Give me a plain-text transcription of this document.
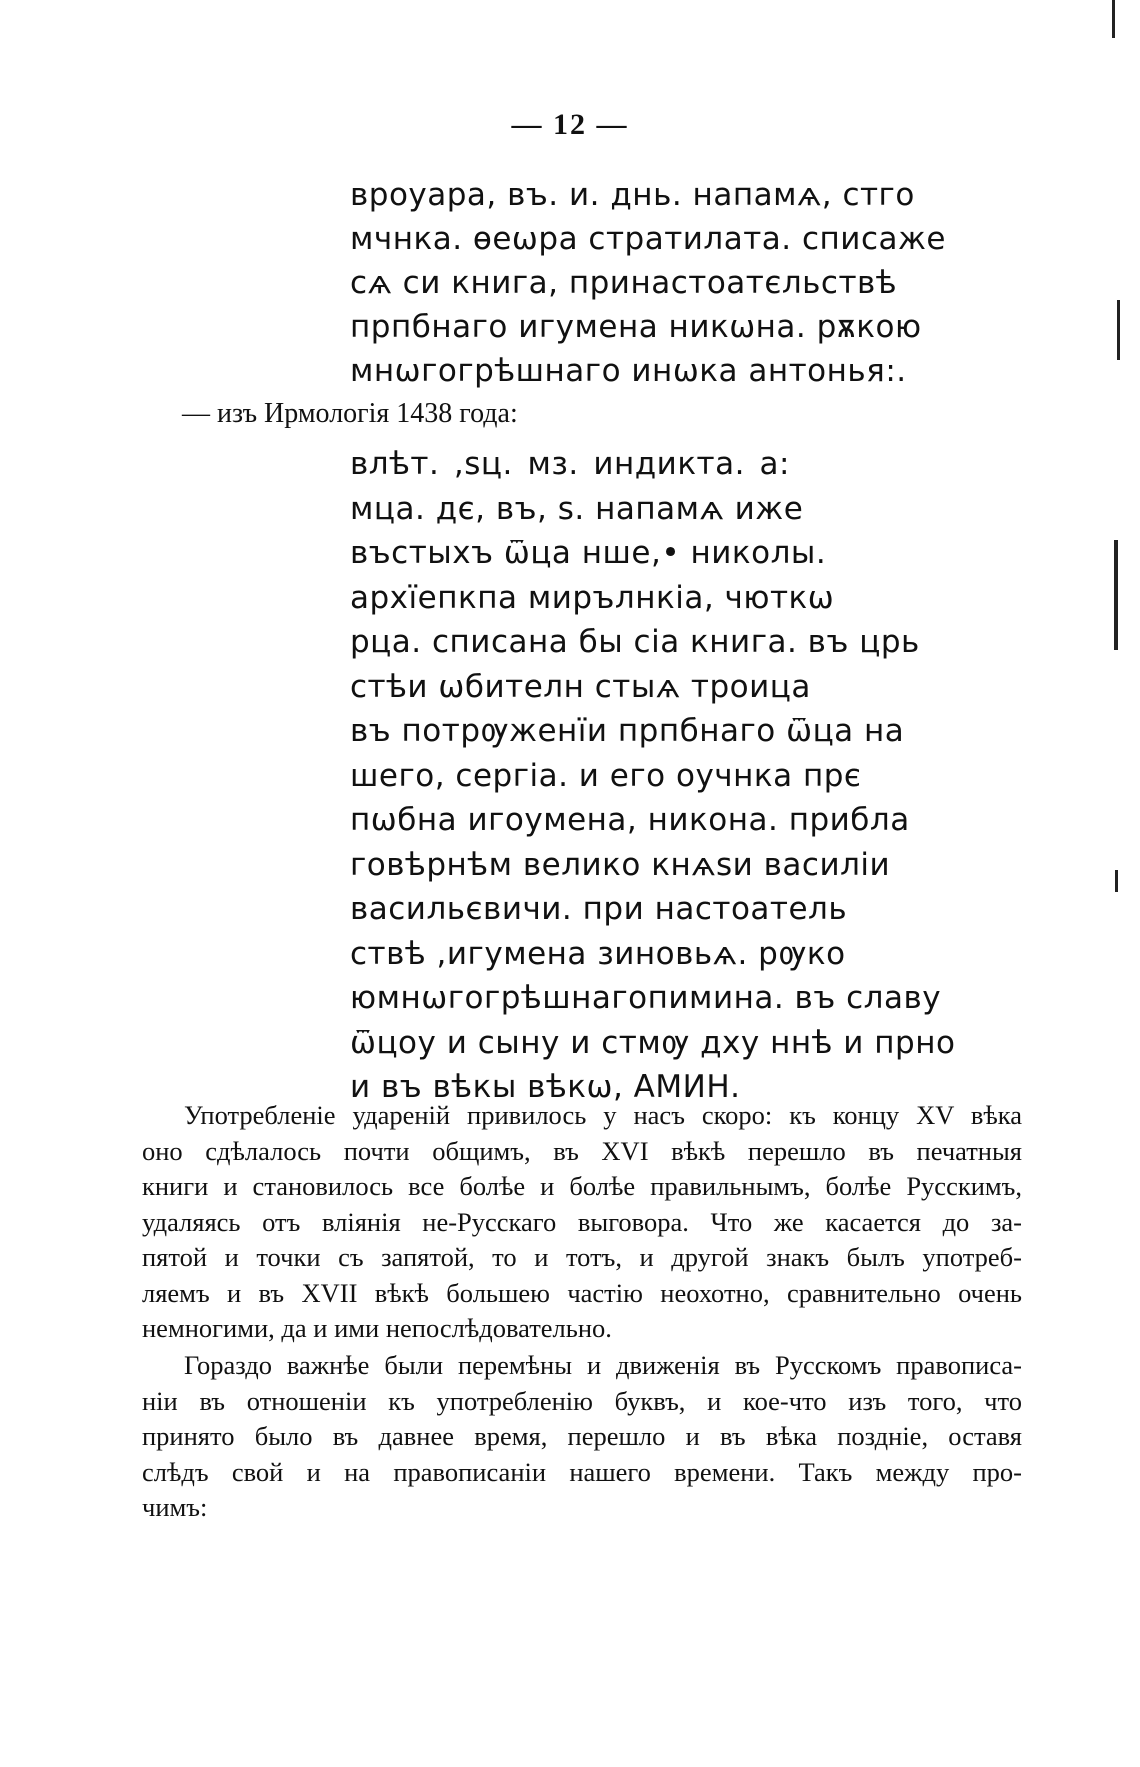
— 12 —
вроуара, въ. и. днь. напамѧ, стго
мчнка. ѳеѡра стратилата. списаже
сѧ си книга, принастоатєльствѣ
прпбнаго игумена никѡна. рѫкою
мнѡгогрѣшнаго инѡка антонья:.
— изъ Ирмологія 1438 года:
влѣт. ,sц. мз. индикта. а:
мца. дє, въ, s. напамѧ иже
въстыхъ ѿца нше,• николы.
архїепкпа мирълнкіа, чюткѡ
рца. списана бы сіа книга. въ црь
стѣи ѡбителн стыѧ троица
въ потрѹженїи прпбнаго ѿца на
шего, сергіа. и его оучнка прє
пѡбна игоумена, никона. прибла
говѣрнѣм велико кнѧѕи василіи
васильєвичи. при настоатель
ствѣ ,игумена зиновьѧ. рѹко
юмнѡгогрѣшнагопимина. въ славу
ѿцоу и сыну и стмѹ дху ннѣ и прно
и въ вѣкы вѣкѡ, АМИН.
Употребленіе удареній привилось у насъ скоро: къ концу XV вѣка
оно сдѣлалось почти общимъ, въ XVI вѣкѣ перешло въ печатныя
книги и становилось все болѣе и болѣе правильнымъ, болѣе Русскимъ,
удаляясь отъ вліянія не-Русскаго выговора. Что же касается до за-
пятой и точки съ запятой, то и тотъ, и другой знакъ былъ употреб-
ляемъ и въ XVII вѣкѣ большею частію неохотно, сравнительно очень
немногими, да и ими непослѣдовательно.
Гораздо важнѣе были перемѣны и движенія въ Русскомъ правописа-
ніи въ отношеніи къ употребленію буквъ, и кое-что изъ того, что
принято было въ давнее время, перешло и въ вѣка поздніе, оставя
слѣдъ свой и на правописаніи нашего времени. Такъ между про-
чимъ:
